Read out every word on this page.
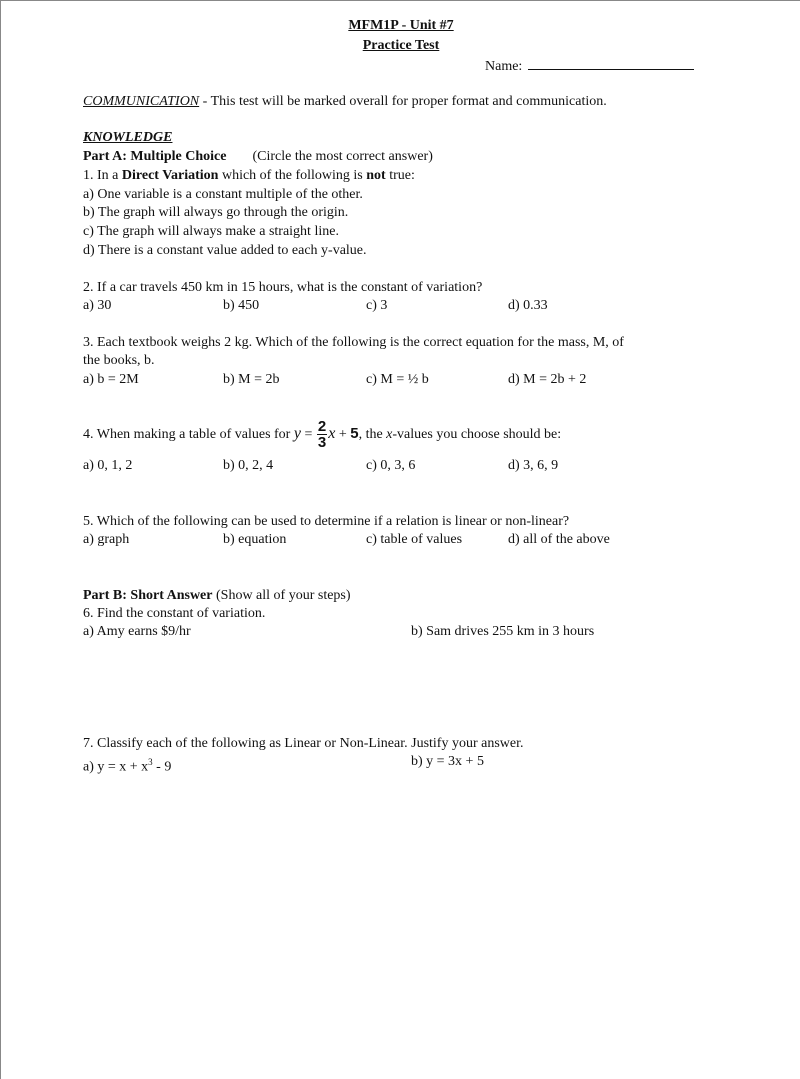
MFM1P - Unit #7
Practice Test
Name:
COMMUNICATION - This test will be marked overall for proper format and communication.
KNOWLEDGE
Part A: Multiple Choice (Circle the most correct answer)
1. In a Direct Variation which of the following is not true:
a) One variable is a constant multiple of the other.
b) The graph will always go through the origin.
c) The graph will always make a straight line.
d) There is a constant value added to each y-value.
2. If a car travels 450 km in 15 hours, what is the constant of variation?
a) 30	b) 450	c) 3	d) 0.33
3. Each textbook weighs 2 kg. Which of the following is the correct equation for the mass, M, of
the books, b.
a) b = 2M	b) M = 2b	c) M = ½ b	d) M = 2b + 2
4. When making a table of values for $y = \frac{2}{3}$ x + 5, the x-values you choose should be:
a) 0, 1, 2	b) 0, 2, 4	c) 0, 3, 6	d) 3, 6, 9
5. Which of the following can be used to determine if a relation is linear or non-linear?
a) graph	b) equation	c) table of values	d) all of the above
Part B: Short Answer (Show all of your steps)
6. Find the constant of variation.
a) Amy earns $9/hr	b) Sam drives 255 km in 3 hours
7. Classify each of the following as Linear or Non-Linear. Justify your answer.
a) $y = x + x^3 - 9$	b) y = 3x + 5
